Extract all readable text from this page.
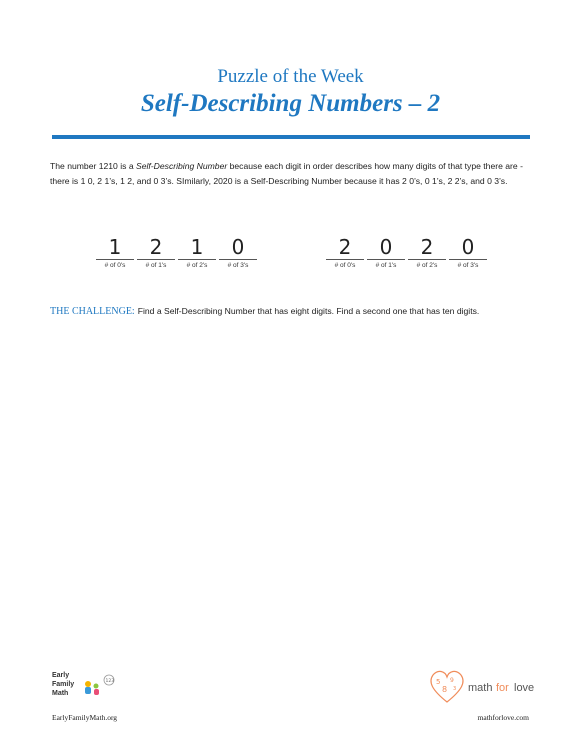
Puzzle of the Week
Self-Describing Numbers – 2
The number 1210 is a Self-Describing Number because each digit in order describes how many digits of that type there are - there is 1 0, 2 1’s, 1 2, and 0 3’s. SImilarly, 2020 is a Self-Describing Number because it has 2 0’s, 0 1’s, 2 2’s, and 0 3’s.
1
# of 0's
2
# of 1's
1
# of 2's
0
# of 3's
2
# of 0's
0
# of 1's
2
# of 2's
0
# of 3's
THE CHALLENGE: Find a Self-Describing Number that has eight digits. Find a second one that has ten digits.
Early
Family
Math
123	5 9
8 3 math for love
EarlyFamilyMath.org	mathforlove.com
